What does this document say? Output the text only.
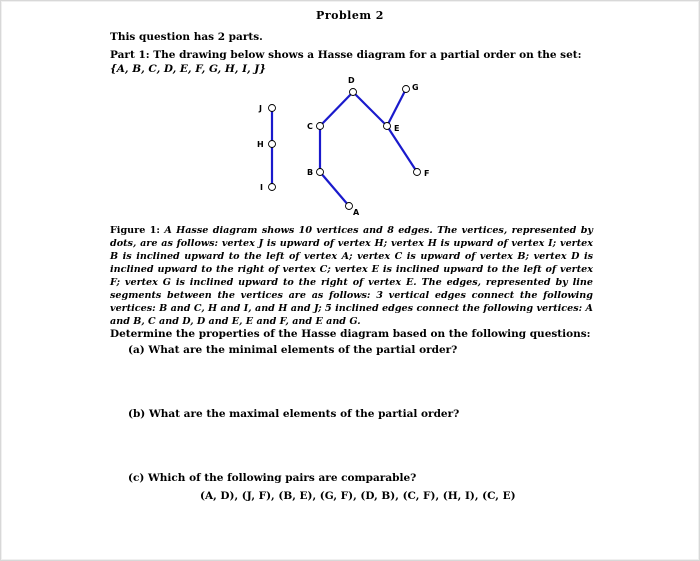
Problem 2
This question has 2 parts.
Part 1: The drawing below shows a Hasse diagram for a partial order on the set:
{A, B, C, D, E, F, G, H, I, J}
J
H
I
A
B
C
D
E
F
G
Figure 1: A Hasse diagram shows 10 vertices and 8 edges. The vertices, represented by dots, are as follows: vertex J is upward of vertex H; vertex H is upward of vertex I; vertex B is inclined upward to the left of vertex A; vertex C is upward of vertex B; vertex D is inclined upward to the right of vertex C; vertex E is inclined upward to the left of vertex F; vertex G is inclined upward to the right of vertex E. The edges, represented by line segments between the vertices are as follows: 3 vertical edges connect the following vertices: B and C, H and I, and H and J; 5 inclined edges connect the following vertices: A and B, C and D, D and E, E and F, and E and G.
Determine the properties of the Hasse diagram based on the following questions:
(a) What are the minimal elements of the partial order?
(b) What are the maximal elements of the partial order?
(c) Which of the following pairs are comparable?
(A, D), (J, F), (B, E), (G, F), (D, B), (C, F), (H, I), (C, E)
